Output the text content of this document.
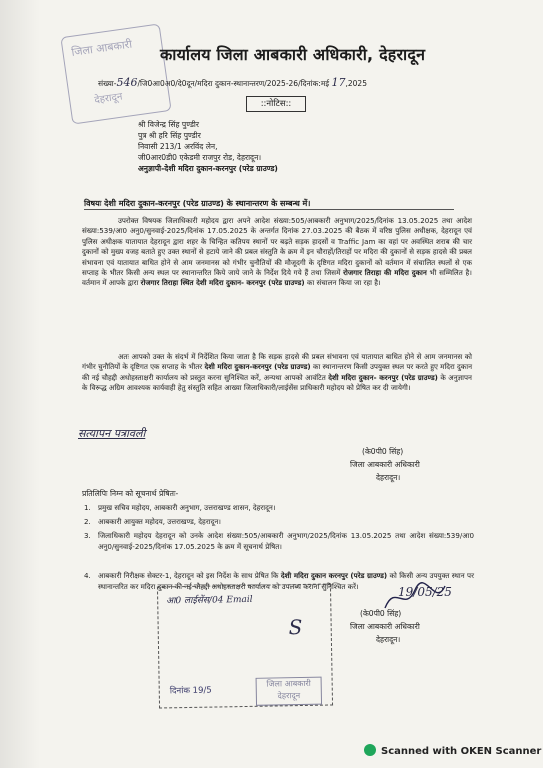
जिला आबकारी
देहरादून
कार्यालय जिला आबकारी अधिकारी, देहरादून
संख्या-546/जि0आ0अ0/दे0दून/मदिरा दुकान-स्थानान्तरण/2025-26/दिनांक:मई 17,2025
::नोटिस::
श्री विजेन्द्र सिंह पुण्डीर
पुत्र श्री हरि सिंह पुण्डीर
निवासी 213/1 अरविंद लेन,
जी0आर0डी0 एकेडमी राजपुर रोड, देहरादून।
अनुज्ञापी-देशी मदिरा दुकान-करनपुर (परेड ग्राउण्ड)
विषयः देशी मदिरा दुकान-करनपुर (परेड ग्राउण्ड) के स्थानान्तरण के सम्बन्ध में।
उपरोक्त विषयक जिलाधिकारी महोदय द्वारा अपने आदेश संख्या:505/आबकारी अनुभाग/2025/दिनांक 13.05.2025 तथा आदेश संख्या:539/आ0 अनु0/सुनवाई-2025/दिनांक 17.05.2025 के अन्तर्गत दिनांक 27.03.2025 की बैठक में वरिष्ठ पुलिस अधीक्षक, देहरादून एवं पुलिस अधीक्षक यातायात देहरादून द्वारा शहर के चिन्हित कतिपय स्थानों पर बढ़ते सड़क हादसों व Traffic Jam का वहां पर अवस्थित शराब की चार दुकानों को मुख्य वजह बताते हुए उक्त स्थानों से हटाये जाने की प्रबल संस्तुति के क्रम में इन चौराहों/तिराहों पर मदिरा की दुकानों से सड़क हादसे की प्रबल संभावना एवं यातायात बाधित होने से आम जनमानस को गंभीर चुनौतियों की मौजूदगी के दृष्टिगत मदिरा दुकानों को वर्तमान में संचालित स्थलों से एक सप्ताह के भीतर किसी अन्य स्थल पर स्थानान्तरित किये जाये जाने के निर्देश दिये गये हैं तथा जिसमें रोजगार तिराहा की मदिरा दुकान भी सम्मिलित है। वर्तमान में आपके द्वारा रोजगार तिराहा स्थित देशी मदिरा दुकान- करनपुर (परेड ग्राउण्ड) का संचालन किया जा रहा है।
अतः आपको उक्त के संदर्भ में निर्देशित किया जाता है कि सड़क हादसे की प्रबल संभावना एवं यातायात बाधित होने से आम जनमानस को गंभीर चुनौतियों के दृष्टिगत एक सप्ताह के भीतर देशी मदिरा दुकान-करनपुर (परेड ग्राउण्ड) का स्थानान्तरण किसी उपयुक्त स्थल पर करते हुए मदिरा दुकान की नई चौहद्दी अधोहस्ताक्षरी कार्यालय को प्रस्तुत करना सुनिश्चित करें, अन्यथा आपको आवंटित देशी मदिरा दुकान- करनपुर (परेड ग्राउण्ड) के अनुज्ञापन के विरूद्ध अग्रिम आवश्यक कार्यवाही हेतु संस्तुति सहित आख्या जिलाधिकारी/लाईसेंस प्राधिकारी महोदय को प्रेषित कर दी जायेगी।
सत्यापन पत्रावली
(के0पी0 सिंह)
जिला आबकारी अधिकारी
देहरादून।
प्रतिलिपिः निम्न को सूचनार्थ प्रेषितः-
1. प्रमुख सचिव महोदय, आबकारी अनुभाग, उत्तराखण्ड शासन, देहरादून।
2. आबकारी आयुक्त महोदय, उत्तराखण्ड, देहरादून।
3. जिलाधिकारी महोदय देहरादून को उनके आदेश संख्या:505/आबकारी अनुभाग/2025/दिनांक 13.05.2025 तथा आदेश संख्या:539/आ0 अनु0/सुनवाई-2025/दिनांक 17.05.2025 के क्रम में सूचनार्थ प्रेषित।
4. आबकारी निरीक्षक सेक्टर-1, देहरादून को इस निर्देश के साथ प्रेषित कि देशी मदिरा दुकान करनपुर (परेड ग्राउण्ड) को किसी अन्य उपयुक्त स्थान पर स्थानान्तरित कर मदिरा दुकान की नई चौहद्दी अधोहस्ताक्षरी कार्यालय को उपलब्ध कराना सुनिश्चित करें।
आ0 लाईसेंस/04 Email
S
दिनांक 19/5
जिला आबकारी
देहरादून
19/05/25
(के0पी0 सिंह)
जिला आबकारी अधिकारी
देहरादून।
Scanned with OKEN Scanner
